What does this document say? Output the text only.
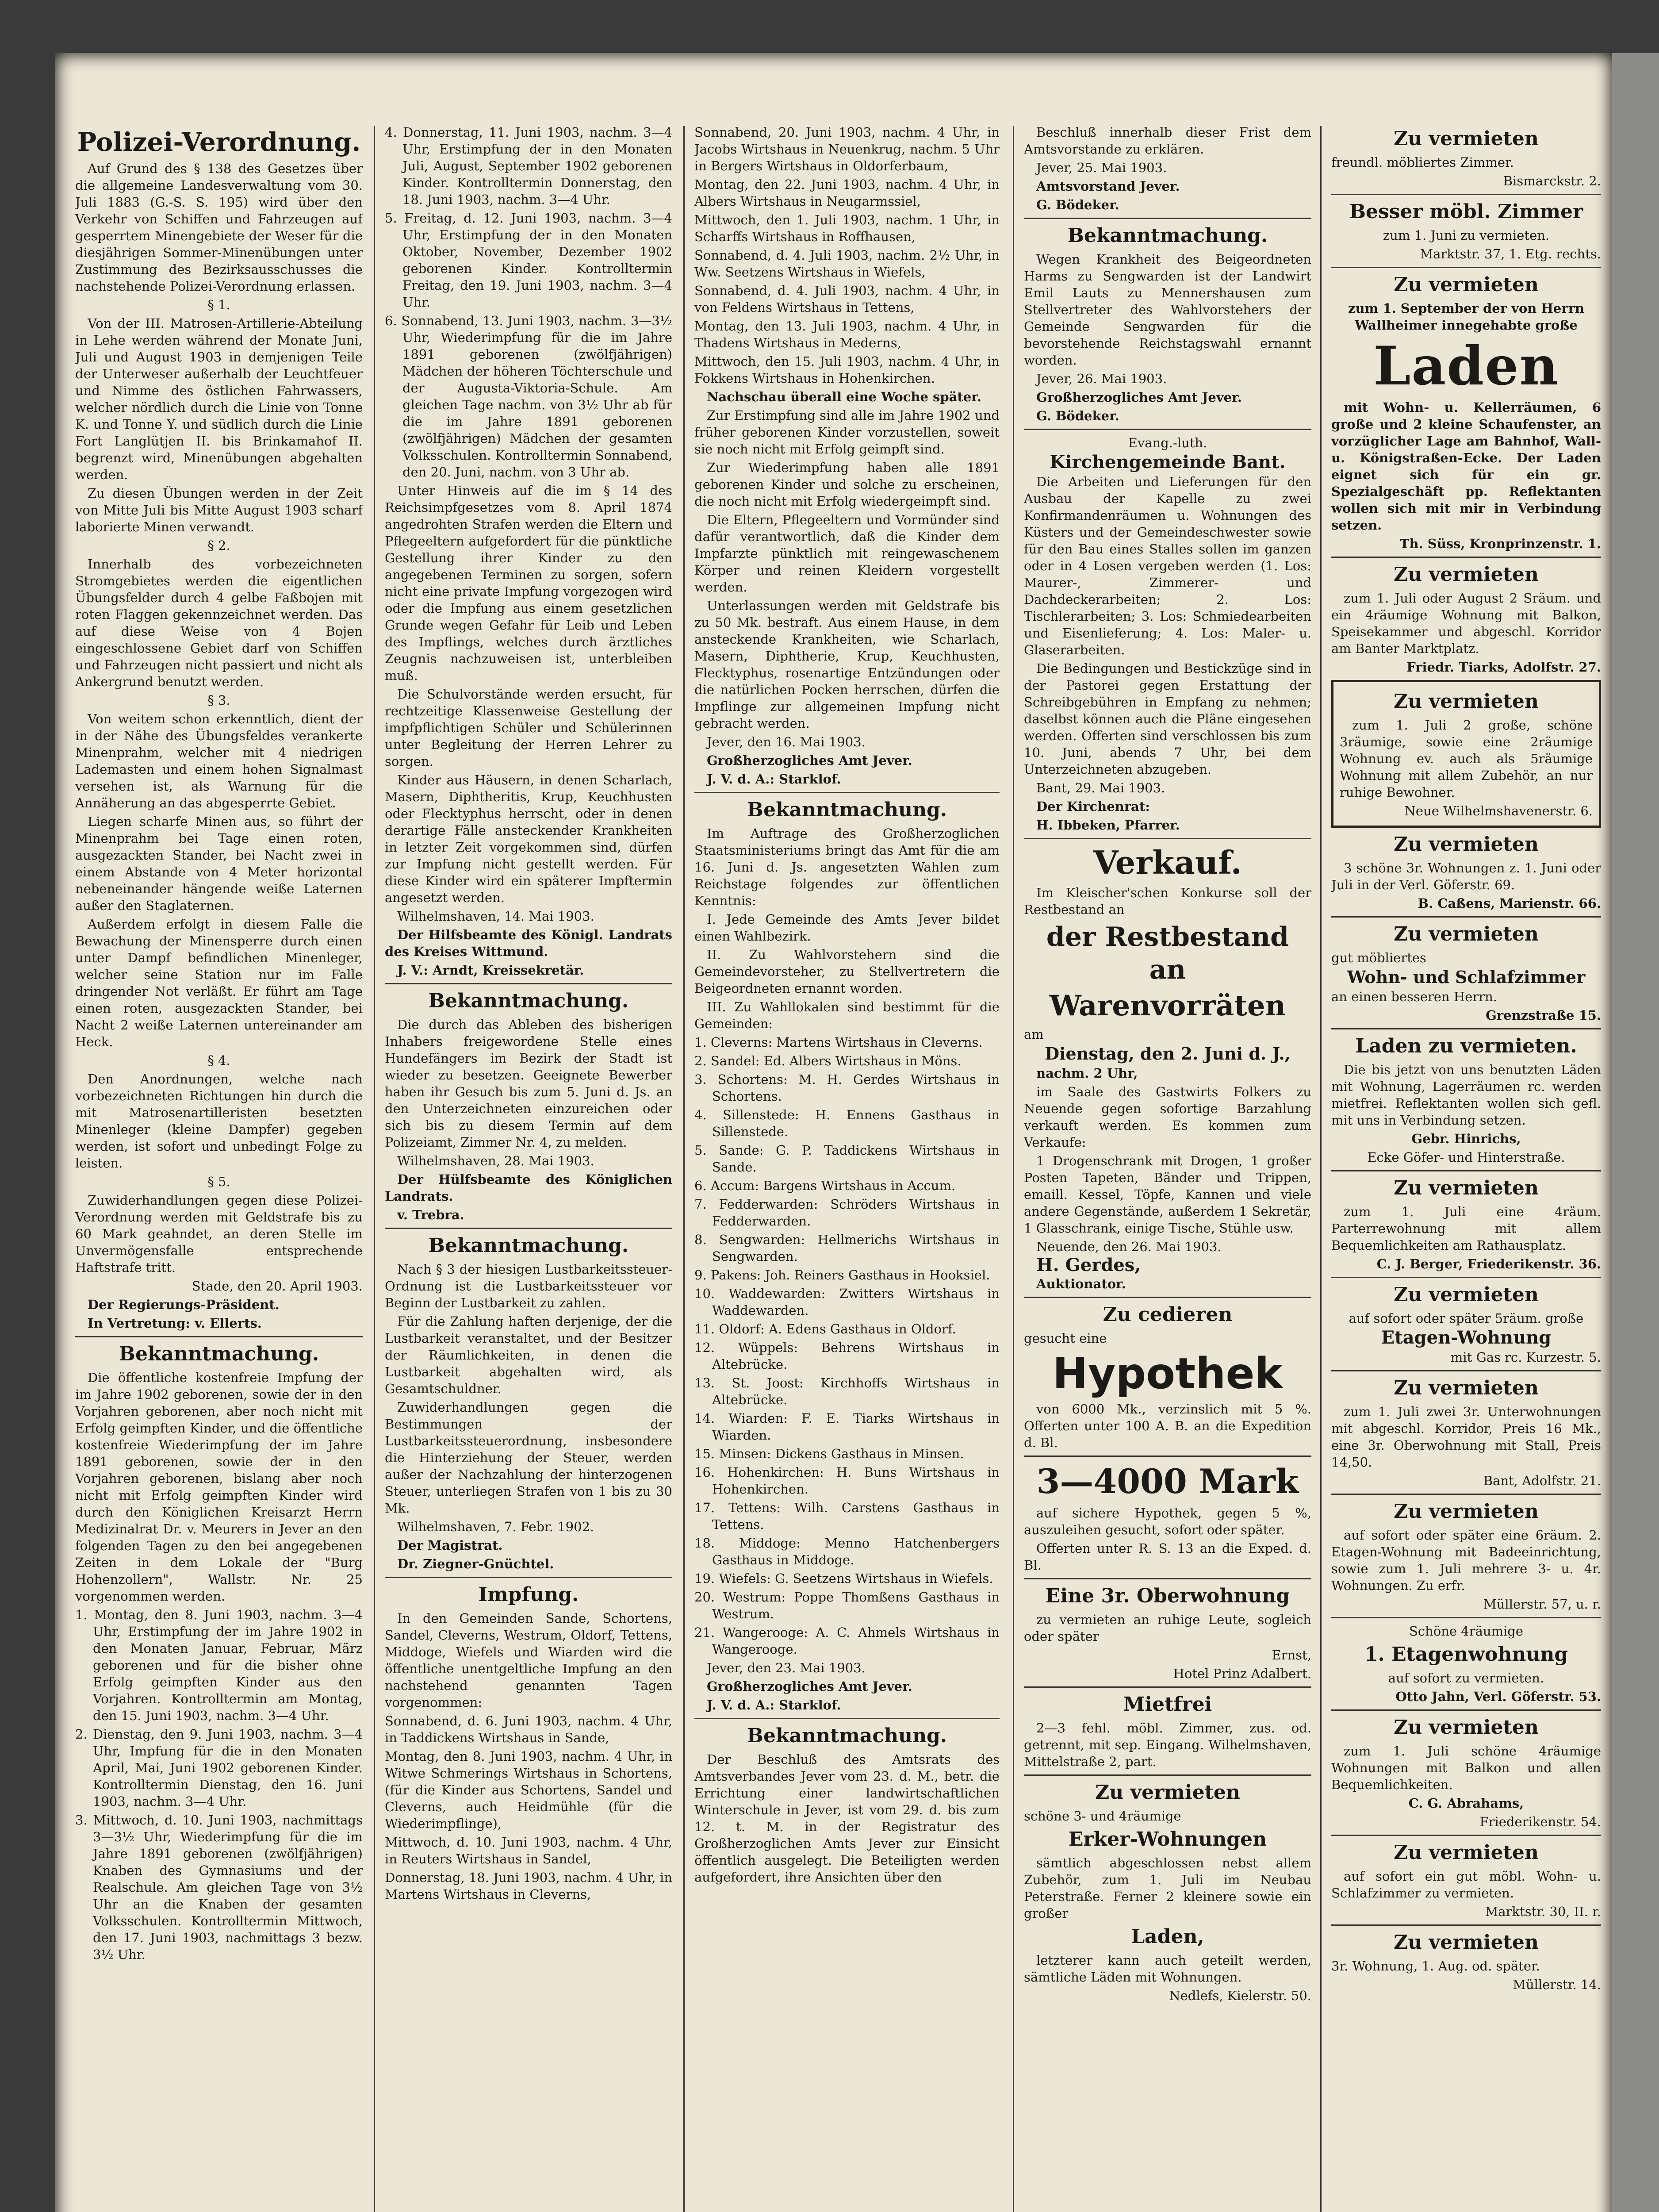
Polizei-Verordnung.

Auf Grund des § 138 des Gesetzes über die allgemeine Landesverwaltung vom 30. Juli 1883 (G.-S. S. 195) wird über den Verkehr von Schiffen und Fahrzeugen auf gesperrtem Minengebiete der Weser für die diesjährigen Sommer-Minenübungen unter Zustimmung des Bezirksausschusses die nachstehende Polizei-Verordnung erlassen.

§ 1.

Von der III. Matrosen-Artillerie-Abteilung in Lehe werden während der Monate Juni, Juli und August 1903 in demjenigen Teile der Unterweser außerhalb der Leuchtfeuer und Nimme des östlichen Fahrwassers, welcher nördlich durch die Linie von Tonne K. und Tonne Y. und südlich durch die Linie Fort Langlütjen II. bis Brinkamahof II. begrenzt wird, Minenübungen abgehalten werden.

Zu diesen Übungen werden in der Zeit von Mitte Juli bis Mitte August 1903 scharf laborierte Minen verwandt.

§ 2.

Innerhalb des vorbezeichneten Stromgebietes werden die eigentlichen Übungsfelder durch 4 gelbe Faßbojen mit roten Flaggen gekennzeichnet werden. Das auf diese Weise von 4 Bojen eingeschlossene Gebiet darf von Schiffen und Fahrzeugen nicht passiert und nicht als Ankergrund benutzt werden.

§ 3.

Von weitem schon erkenntlich, dient der in der Nähe des Übungsfeldes verankerte Minenprahm, welcher mit 4 niedrigen Lademasten und einem hohen Signalmast versehen ist, als Warnung für die Annäherung an das abgesperrte Gebiet.

Liegen scharfe Minen aus, so führt der Minenprahm bei Tage einen roten, ausgezackten Stander, bei Nacht zwei in einem Abstande von 4 Meter horizontal nebeneinander hängende weiße Laternen außer den Staglaternen.

Außerdem erfolgt in diesem Falle die Bewachung der Minensperre durch einen unter Dampf befindlichen Minenleger, welcher seine Station nur im Falle dringender Not verläßt. Er führt am Tage einen roten, ausgezackten Stander, bei Nacht 2 weiße Laternen untereinander am Heck.

§ 4.

Den Anordnungen, welche nach vorbezeichneten Richtungen hin durch die mit Matrosenartilleristen besetzten Minenleger (kleine Dampfer) gegeben werden, ist sofort und unbedingt Folge zu leisten.

§ 5.

Zuwiderhandlungen gegen diese Polizei-Verordnung werden mit Geldstrafe bis zu 60 Mark geahndet, an deren Stelle im Unvermögensfalle entsprechende Haftstrafe tritt.

Stade, den 20. April 1903.

Der Regierungs-Präsident.

In Vertretung: v. Ellerts.

Bekanntmachung.

Die öffentliche kostenfreie Impfung der im Jahre 1902 geborenen, sowie der in den Vorjahren geborenen, aber noch nicht mit Erfolg geimpften Kinder, und die öffentliche kostenfreie Wiederimpfung der im Jahre 1891 geborenen, sowie der in den Vorjahren geborenen, bislang aber noch nicht mit Erfolg geimpften Kinder wird durch den Königlichen Kreisarzt Herrn Medizinalrat Dr. v. Meurers in Jever an den folgenden Tagen zu den bei angegebenen Zeiten in dem Lokale der "Burg Hohenzollern", Wallstr. Nr. 25 vorgenommen werden.

1. Montag, den 8. Juni 1903, nachm. 3—4 Uhr, Erstimpfung der im Jahre 1902 in den Monaten Januar, Februar, März geborenen und für die bisher ohne Erfolg geimpften Kinder aus den Vorjahren. Kontrolltermin am Montag, den 15. Juni 1903, nachm. 3—4 Uhr.

2. Dienstag, den 9. Juni 1903, nachm. 3—4 Uhr, Impfung für die in den Monaten April, Mai, Juni 1902 geborenen Kinder. Kontrolltermin Dienstag, den 16. Juni 1903, nachm. 3—4 Uhr.

3. Mittwoch, d. 10. Juni 1903, nachmittags 3—3½ Uhr, Wiederimpfung für die im Jahre 1891 geborenen (zwölfjährigen) Knaben des Gymnasiums und der Realschule. Am gleichen Tage von 3½ Uhr an die Knaben der gesamten Volksschulen. Kontrolltermin Mittwoch, den 17. Juni 1903, nachmittags 3 bezw. 3½ Uhr.

4. Donnerstag, 11. Juni 1903, nachm. 3—4 Uhr, Erstimpfung der in den Monaten Juli, August, September 1902 geborenen Kinder. Kontrolltermin Donnerstag, den 18. Juni 1903, nachm. 3—4 Uhr.

5. Freitag, d. 12. Juni 1903, nachm. 3—4 Uhr, Erstimpfung der in den Monaten Oktober, November, Dezember 1902 geborenen Kinder. Kontrolltermin Freitag, den 19. Juni 1903, nachm. 3—4 Uhr.

6. Sonnabend, 13. Juni 1903, nachm. 3—3½ Uhr, Wiederimpfung für die im Jahre 1891 geborenen (zwölfjährigen) Mädchen der höheren Töchterschule und der Augusta-Viktoria-Schule. Am gleichen Tage nachm. von 3½ Uhr ab für die im Jahre 1891 geborenen (zwölfjährigen) Mädchen der gesamten Volksschulen. Kontrolltermin Sonnabend, den 20. Juni, nachm. von 3 Uhr ab.

Unter Hinweis auf die im § 14 des Reichsimpfgesetzes vom 8. April 1874 angedrohten Strafen werden die Eltern und Pflegeeltern aufgefordert für die pünktliche Gestellung ihrer Kinder zu den angegebenen Terminen zu sorgen, sofern nicht eine private Impfung vorgezogen wird oder die Impfung aus einem gesetzlichen Grunde wegen Gefahr für Leib und Leben des Impflings, welches durch ärztliches Zeugnis nachzuweisen ist, unterbleiben muß.

Die Schulvorstände werden ersucht, für rechtzeitige Klassenweise Gestellung der impfpflichtigen Schüler und Schülerinnen unter Begleitung der Herren Lehrer zu sorgen.

Kinder aus Häusern, in denen Scharlach, Masern, Diphtheritis, Krup, Keuchhusten oder Flecktyphus herrscht, oder in denen derartige Fälle ansteckender Krankheiten in letzter Zeit vorgekommen sind, dürfen zur Impfung nicht gestellt werden. Für diese Kinder wird ein späterer Impftermin angesetzt werden.

Wilhelmshaven, 14. Mai 1903.

Der Hilfsbeamte des Königl. Landrats des Kreises Wittmund.

J. V.: Arndt, Kreissekretär.

Bekanntmachung.

Die durch das Ableben des bisherigen Inhabers freigewordene Stelle eines Hundefängers im Bezirk der Stadt ist wieder zu besetzen. Geeignete Bewerber haben ihr Gesuch bis zum 5. Juni d. Js. an den Unterzeichneten einzureichen oder sich bis zu diesem Termin auf dem Polizeiamt, Zimmer Nr. 4, zu melden.

Wilhelmshaven, 28. Mai 1903.

Der Hülfsbeamte des Königlichen Landrats.

v. Trebra.

Bekanntmachung.

Nach § 3 der hiesigen Lustbarkeitssteuer-Ordnung ist die Lustbarkeitssteuer vor Beginn der Lustbarkeit zu zahlen.

Für die Zahlung haften derjenige, der die Lustbarkeit veranstaltet, und der Besitzer der Räumlichkeiten, in denen die Lustbarkeit abgehalten wird, als Gesamtschuldner.

Zuwiderhandlungen gegen die Bestimmungen der Lustbarkeitssteuerordnung, insbesondere die Hinterziehung der Steuer, werden außer der Nachzahlung der hinterzogenen Steuer, unterliegen Strafen von 1 bis zu 30 Mk.

Wilhelmshaven, 7. Febr. 1902.

Der Magistrat.

Dr. Ziegner-Gnüchtel.

Impfung.

In den Gemeinden Sande, Schortens, Sandel, Cleverns, Westrum, Oldorf, Tettens, Middoge, Wiefels und Wiarden wird die öffentliche unentgeltliche Impfung an den nachstehend genannten Tagen vorgenommen:

Sonnabend, d. 6. Juni 1903, nachm. 4 Uhr, in Taddickens Wirtshaus in Sande,

Montag, den 8. Juni 1903, nachm. 4 Uhr, in Witwe Schmerings Wirtshaus in Schortens, (für die Kinder aus Schortens, Sandel und Cleverns, auch Heidmühle (für die Wiederimpflinge),

Mittwoch, d. 10. Juni 1903, nachm. 4 Uhr, in Reuters Wirtshaus in Sandel,

Donnerstag, 18. Juni 1903, nachm. 4 Uhr, in Martens Wirtshaus in Cleverns,

Sonnabend, 20. Juni 1903, nachm. 4 Uhr, in Jacobs Wirtshaus in Neuenkrug, nachm. 5 Uhr in Bergers Wirtshaus in Oldorferbaum,

Montag, den 22. Juni 1903, nachm. 4 Uhr, in Albers Wirtshaus in Neugarmssiel,

Mittwoch, den 1. Juli 1903, nachm. 1 Uhr, in Scharffs Wirtshaus in Roffhausen,

Sonnabend, d. 4. Juli 1903, nachm. 2½ Uhr, in Ww. Seetzens Wirtshaus in Wiefels,

Sonnabend, d. 4. Juli 1903, nachm. 4 Uhr, in von Feldens Wirtshaus in Tettens,

Montag, den 13. Juli 1903, nachm. 4 Uhr, in Thadens Wirtshaus in Mederns,

Mittwoch, den 15. Juli 1903, nachm. 4 Uhr, in Fokkens Wirtshaus in Hohenkirchen.

Nachschau überall eine Woche später.

Zur Erstimpfung sind alle im Jahre 1902 und früher geborenen Kinder vorzustellen, soweit sie noch nicht mit Erfolg geimpft sind.

Zur Wiederimpfung haben alle 1891 geborenen Kinder und solche zu erscheinen, die noch nicht mit Erfolg wiedergeimpft sind.

Die Eltern, Pflegeeltern und Vormünder sind dafür verantwortlich, daß die Kinder dem Impfarzte pünktlich mit reingewaschenem Körper und reinen Kleidern vorgestellt werden.

Unterlassungen werden mit Geldstrafe bis zu 50 Mk. bestraft. Aus einem Hause, in dem ansteckende Krankheiten, wie Scharlach, Masern, Diphtherie, Krup, Keuchhusten, Flecktyphus, rosenartige Entzündungen oder die natürlichen Pocken herrschen, dürfen die Impflinge zur allgemeinen Impfung nicht gebracht werden.

Jever, den 16. Mai 1903.

Großherzogliches Amt Jever.

J. V. d. A.: Starklof.

Bekanntmachung.

Im Auftrage des Großherzoglichen Staatsministeriums bringt das Amt für die am 16. Juni d. Js. angesetzten Wahlen zum Reichstage folgendes zur öffentlichen Kenntnis:

I. Jede Gemeinde des Amts Jever bildet einen Wahlbezirk.

II. Zu Wahlvorstehern sind die Gemeindevorsteher, zu Stellvertretern die Beigeordneten ernannt worden.

III. Zu Wahllokalen sind bestimmt für die Gemeinden:

1. Cleverns: Martens Wirtshaus in Cleverns.

2. Sandel: Ed. Albers Wirtshaus in Möns.

3. Schortens: M. H. Gerdes Wirtshaus in Schortens.

4. Sillenstede: H. Ennens Gasthaus in Sillenstede.

5. Sande: G. P. Taddickens Wirtshaus in Sande.

6. Accum: Bargens Wirtshaus in Accum.

7. Fedderwarden: Schröders Wirtshaus in Fedderwarden.

8. Sengwarden: Hellmerichs Wirtshaus in Sengwarden.

9. Pakens: Joh. Reiners Gasthaus in Hooksiel.

10. Waddewarden: Zwitters Wirtshaus in Waddewarden.

11. Oldorf: A. Edens Gasthaus in Oldorf.

12. Wüppels: Behrens Wirtshaus in Altebrücke.

13. St. Joost: Kirchhoffs Wirtshaus in Altebrücke.

14. Wiarden: F. E. Tiarks Wirtshaus in Wiarden.

15. Minsen: Dickens Gasthaus in Minsen.

16. Hohenkirchen: H. Buns Wirtshaus in Hohenkirchen.

17. Tettens: Wilh. Carstens Gasthaus in Tettens.

18. Middoge: Menno Hatchenbergers Gasthaus in Middoge.

19. Wiefels: G. Seetzens Wirtshaus in Wiefels.

20. Westrum: Poppe Thomßens Gasthaus in Westrum.

21. Wangerooge: A. C. Ahmels Wirtshaus in Wangerooge.

Jever, den 23. Mai 1903.

Großherzogliches Amt Jever.

J. V. d. A.: Starklof.

Bekanntmachung.

Der Beschluß des Amtsrats des Amtsverbandes Jever vom 23. d. M., betr. die Errichtung einer landwirtschaftlichen Winterschule in Jever, ist vom 29. d. bis zum 12. t. M. in der Registratur des Großherzoglichen Amts Jever zur Einsicht öffentlich ausgelegt. Die Beteiligten werden aufgefordert, ihre Ansichten über den

Beschluß innerhalb dieser Frist dem Amtsvorstande zu erklären.

Jever, 25. Mai 1903.

Amtsvorstand Jever.

G. Bödeker.

Bekanntmachung.

Wegen Krankheit des Beigeordneten Harms zu Sengwarden ist der Landwirt Emil Lauts zu Mennershausen zum Stellvertreter des Wahlvorstehers der Gemeinde Sengwarden für die bevorstehende Reichstagswahl ernannt worden.

Jever, 26. Mai 1903.

Großherzogliches Amt Jever.

G. Bödeker.

Evang.-luth.

Kirchengemeinde Bant.

Die Arbeiten und Lieferungen für den Ausbau der Kapelle zu zwei Konfirmandenräumen u. Wohnungen des Küsters und der Gemeindeschwester sowie für den Bau eines Stalles sollen im ganzen oder in 4 Losen vergeben werden (1. Los: Maurer-, Zimmerer- und Dachdeckerarbeiten; 2. Los: Tischlerarbeiten; 3. Los: Schmiedearbeiten und Eisenlieferung; 4. Los: Maler- u. Glaserarbeiten.

Die Bedingungen und Bestickzüge sind in der Pastorei gegen Erstattung der Schreibgebühren in Empfang zu nehmen; daselbst können auch die Pläne eingesehen werden. Offerten sind verschlossen bis zum 10. Juni, abends 7 Uhr, bei dem Unterzeichneten abzugeben.

Bant, 29. Mai 1903.

Der Kirchenrat:

H. Ibbeken, Pfarrer.

Verkauf.

Im Kleischer'schen Konkurse soll der Restbestand an

der Restbestand an
Warenvorräten

am

Dienstag, den 2. Juni d. J.,

nachm. 2 Uhr,

im Saale des Gastwirts Folkers zu Neuende gegen sofortige Barzahlung verkauft werden. Es kommen zum Verkaufe:

1 Drogenschrank mit Drogen, 1 großer Posten Tapeten, Bänder und Trippen, emaill. Kessel, Töpfe, Kannen und viele andere Gegenstände, außerdem 1 Sekretär, 1 Glasschrank, einige Tische, Stühle usw.

Neuende, den 26. Mai 1903.

H. Gerdes,

Auktionator.

Zu cedieren

gesucht eine

Hypothek

von 6000 Mk., verzinslich mit 5 %. Offerten unter 100 A. B. an die Expedition d. Bl.

3—4000 Mark

auf sichere Hypothek, gegen 5 %, auszuleihen gesucht, sofort oder später.

Offerten unter R. S. 13 an die Exped. d. Bl.

Eine 3r. Oberwohnung

zu vermieten an ruhige Leute, sogleich oder später

Ernst,

Hotel Prinz Adalbert.

Mietfrei

2—3 fehl. möbl. Zimmer, zus. od. getrennt, mit sep. Eingang. Wilhelmshaven, Mittelstraße 2, part.

Zu vermieten

schöne 3- und 4räumige

Erker-Wohnungen

sämtlich abgeschlossen nebst allem Zubehör, zum 1. Juli im Neubau Peterstraße. Ferner 2 kleinere sowie ein großer

Laden,

letzterer kann auch geteilt werden, sämtliche Läden mit Wohnungen.

Nedlefs, Kielerstr. 50.

Zu vermieten

freundl. möbliertes Zimmer.

Bismarckstr. 2.

Besser möbl. Zimmer

zum 1. Juni zu vermieten.

Marktstr. 37, 1. Etg. rechts.

Zu vermieten

zum 1. September der von Herrn Wallheimer innegehabte große

Laden

mit Wohn- u. Kellerräumen, 6 große und 2 kleine Schaufenster, an vorzüglicher Lage am Bahnhof, Wall- u. Königstraßen-Ecke. Der Laden eignet sich für ein gr. Spezialgeschäft pp. Reflektanten wollen sich mit mir in Verbindung setzen.

Th. Süss, Kronprinzenstr. 1.

Zu vermieten

zum 1. Juli oder August 2 Sräum. und ein 4räumige Wohnung mit Balkon, Speisekammer und abgeschl. Korridor am Banter Marktplatz.

Friedr. Tiarks, Adolfstr. 27.

Zu vermieten

zum 1. Juli 2 große, schöne 3räumige, sowie eine 2räumige Wohnung ev. auch als 5räumige Wohnung mit allem Zubehör, an nur ruhige Bewohner.

Neue Wilhelmshavenerstr. 6.

Zu vermieten

3 schöne 3r. Wohnungen z. 1. Juni oder Juli in der Verl. Göferstr. 69.

B. Caßens, Marienstr. 66.

Zu vermieten

gut möbliertes

Wohn- und Schlafzimmer

an einen besseren Herrn.

Grenzstraße 15.

Laden zu vermieten.

Die bis jetzt von uns benutzten Läden mit Wohnung, Lagerräumen rc. werden mietfrei. Reflektanten wollen sich gefl. mit uns in Verbindung setzen.

Gebr. Hinrichs,

Ecke Göfer- und Hinterstraße.

Zu vermieten

zum 1. Juli eine 4räum. Parterrewohnung mit allem Bequemlichkeiten am Rathausplatz.

C. J. Berger, Friederikenstr. 36.

Zu vermieten

auf sofort oder später 5räum. große

Etagen-Wohnung

mit Gas rc. Kurzestr. 5.

Zu vermieten

zum 1. Juli zwei 3r. Unterwohnungen mit abgeschl. Korridor, Preis 16 Mk., eine 3r. Oberwohnung mit Stall, Preis 14,50.

Bant, Adolfstr. 21.

Zu vermieten

auf sofort oder später eine 6räum. 2. Etagen-Wohnung mit Badeeinrichtung, sowie zum 1. Juli mehrere 3- u. 4r. Wohnungen. Zu erfr.

Müllerstr. 57, u. r.

Schöne 4räumige

1. Etagenwohnung

auf sofort zu vermieten.

Otto Jahn, Verl. Göferstr. 53.

Zu vermieten

zum 1. Juli schöne 4räumige Wohnungen mit Balkon und allen Bequemlichkeiten.

C. G. Abrahams,

Friederikenstr. 54.

Zu vermieten

auf sofort ein gut möbl. Wohn- u. Schlafzimmer zu vermieten.

Marktstr. 30, II. r.

Zu vermieten

3r. Wohnung, 1. Aug. od. später.

Müllerstr. 14.
